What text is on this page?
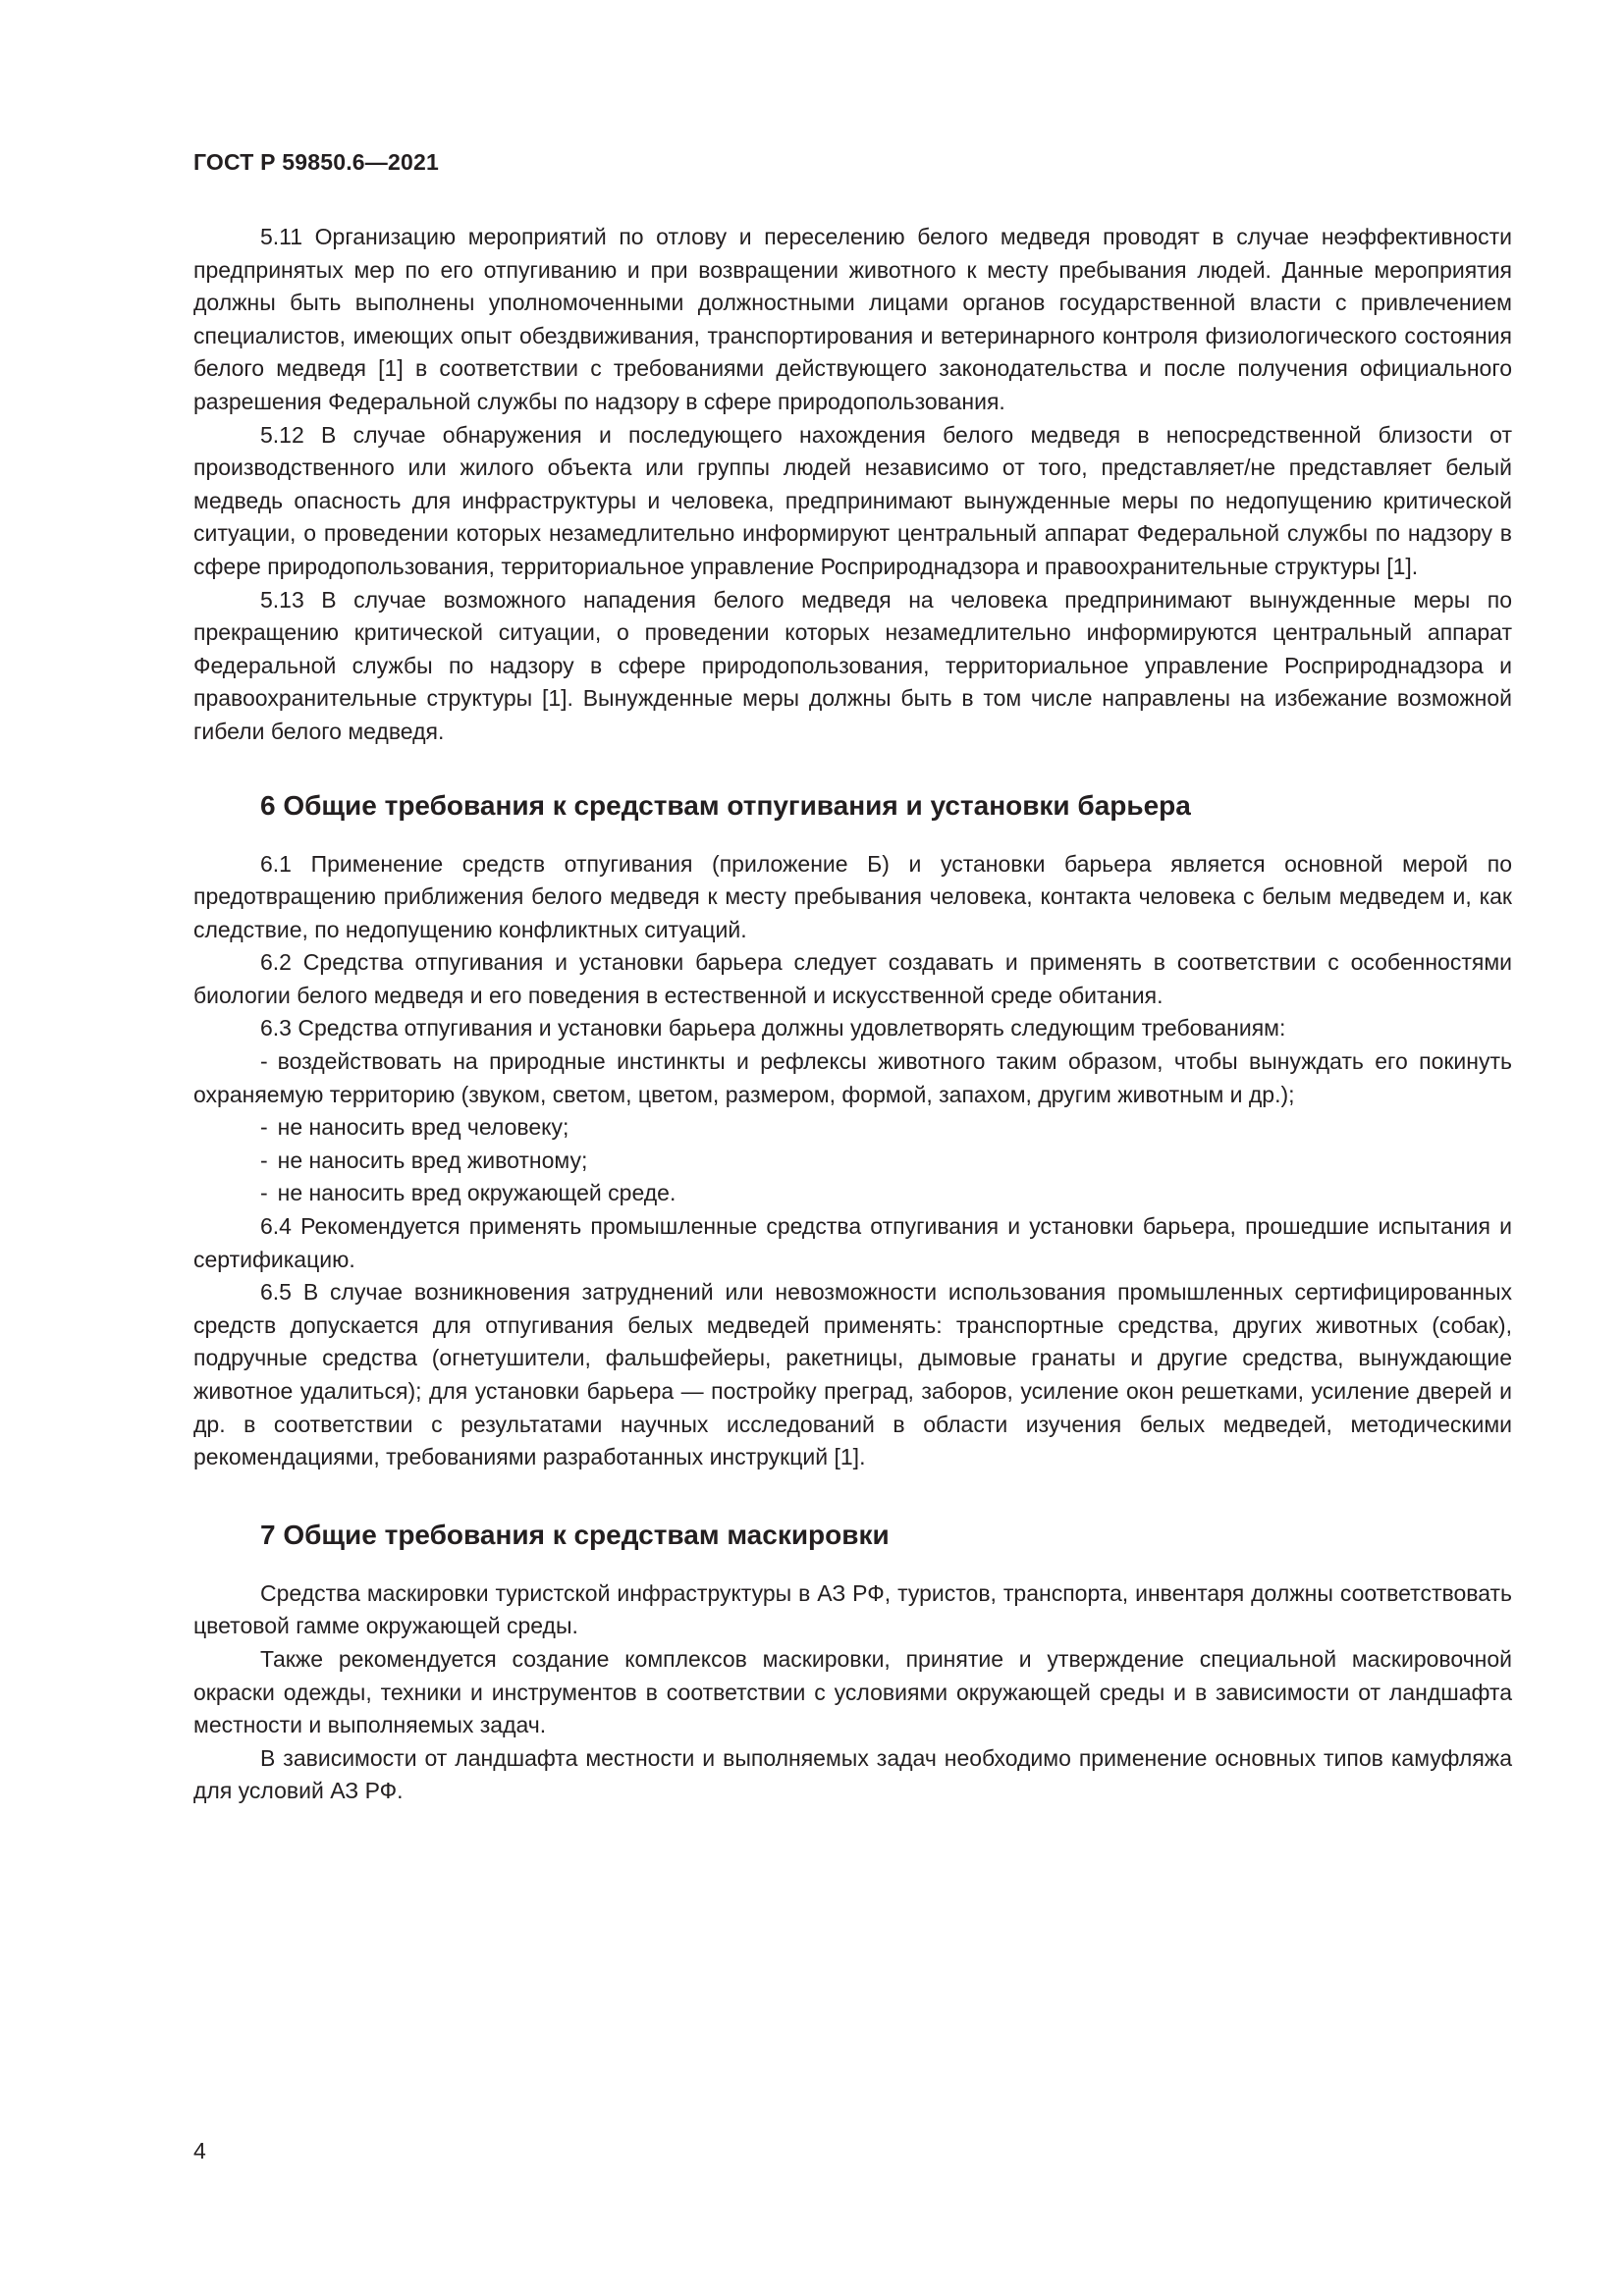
ГОСТ Р 59850.6—2021

5.11 Организацию мероприятий по отлову и переселению белого медведя проводят в случае неэффективности предпринятых мер по его отпугиванию и при возвращении животного к месту пребывания людей. Данные мероприятия должны быть выполнены уполномоченными должностными лицами органов государственной власти с привлечением специалистов, имеющих опыт обездвиживания, транспортирования и ветеринарного контроля физиологического состояния белого медведя [1] в соответствии с требованиями действующего законодательства и после получения официального разрешения Федеральной службы по надзору в сфере природопользования.

5.12 В случае обнаружения и последующего нахождения белого медведя в непосредственной близости от производственного или жилого объекта или группы людей независимо от того, представляет/не представляет белый медведь опасность для инфраструктуры и человека, предпринимают вынужденные меры по недопущению критической ситуации, о проведении которых незамедлительно информируют центральный аппарат Федеральной службы по надзору в сфере природопользования, территориальное управление Росприроднадзора и правоохранительные структуры [1].

5.13 В случае возможного нападения белого медведя на человека предпринимают вынужденные меры по прекращению критической ситуации, о проведении которых незамедлительно информируются центральный аппарат Федеральной службы по надзору в сфере природопользования, территориальное управление Росприроднадзора и правоохранительные структуры [1]. Вынужденные меры должны быть в том числе направлены на избежание возможной гибели белого медведя.

6 Общие требования к средствам отпугивания и установки барьера

6.1 Применение средств отпугивания (приложение Б) и установки барьера является основной мерой по предотвращению приближения белого медведя к месту пребывания человека, контакта человека с белым медведем и, как следствие, по недопущению конфликтных ситуаций.

6.2 Средства отпугивания и установки барьера следует создавать и применять в соответствии с особенностями биологии белого медведя и его поведения в естественной и искусственной среде обитания.

6.3 Средства отпугивания и установки барьера должны удовлетворять следующим требованиям:

- воздействовать на природные инстинкты и рефлексы животного таким образом, чтобы вынуждать его покинуть охраняемую территорию (звуком, светом, цветом, размером, формой, запахом, другим животным и др.);
- не наносить вред человеку;
- не наносить вред животному;
- не наносить вред окружающей среде.

6.4 Рекомендуется применять промышленные средства отпугивания и установки барьера, прошедшие испытания и сертификацию.

6.5 В случае возникновения затруднений или невозможности использования промышленных сертифицированных средств допускается для отпугивания белых медведей применять: транспортные средства, других животных (собак), подручные средства (огнетушители, фальшфейеры, ракетницы, дымовые гранаты и другие средства, вынуждающие животное удалиться); для установки барьера — постройку преград, заборов, усиление окон решетками, усиление дверей и др. в соответствии с результатами научных исследований в области изучения белых медведей, методическими рекомендациями, требованиями разработанных инструкций [1].

7 Общие требования к средствам маскировки

Средства маскировки туристской инфраструктуры в АЗ РФ, туристов, транспорта, инвентаря должны соответствовать цветовой гамме окружающей среды.

Также рекомендуется создание комплексов маскировки, принятие и утверждение специальной маскировочной окраски одежды, техники и инструментов в соответствии с условиями окружающей среды и в зависимости от ландшафта местности и выполняемых задач.

В зависимости от ландшафта местности и выполняемых задач необходимо применение основных типов камуфляжа для условий АЗ РФ.

4
